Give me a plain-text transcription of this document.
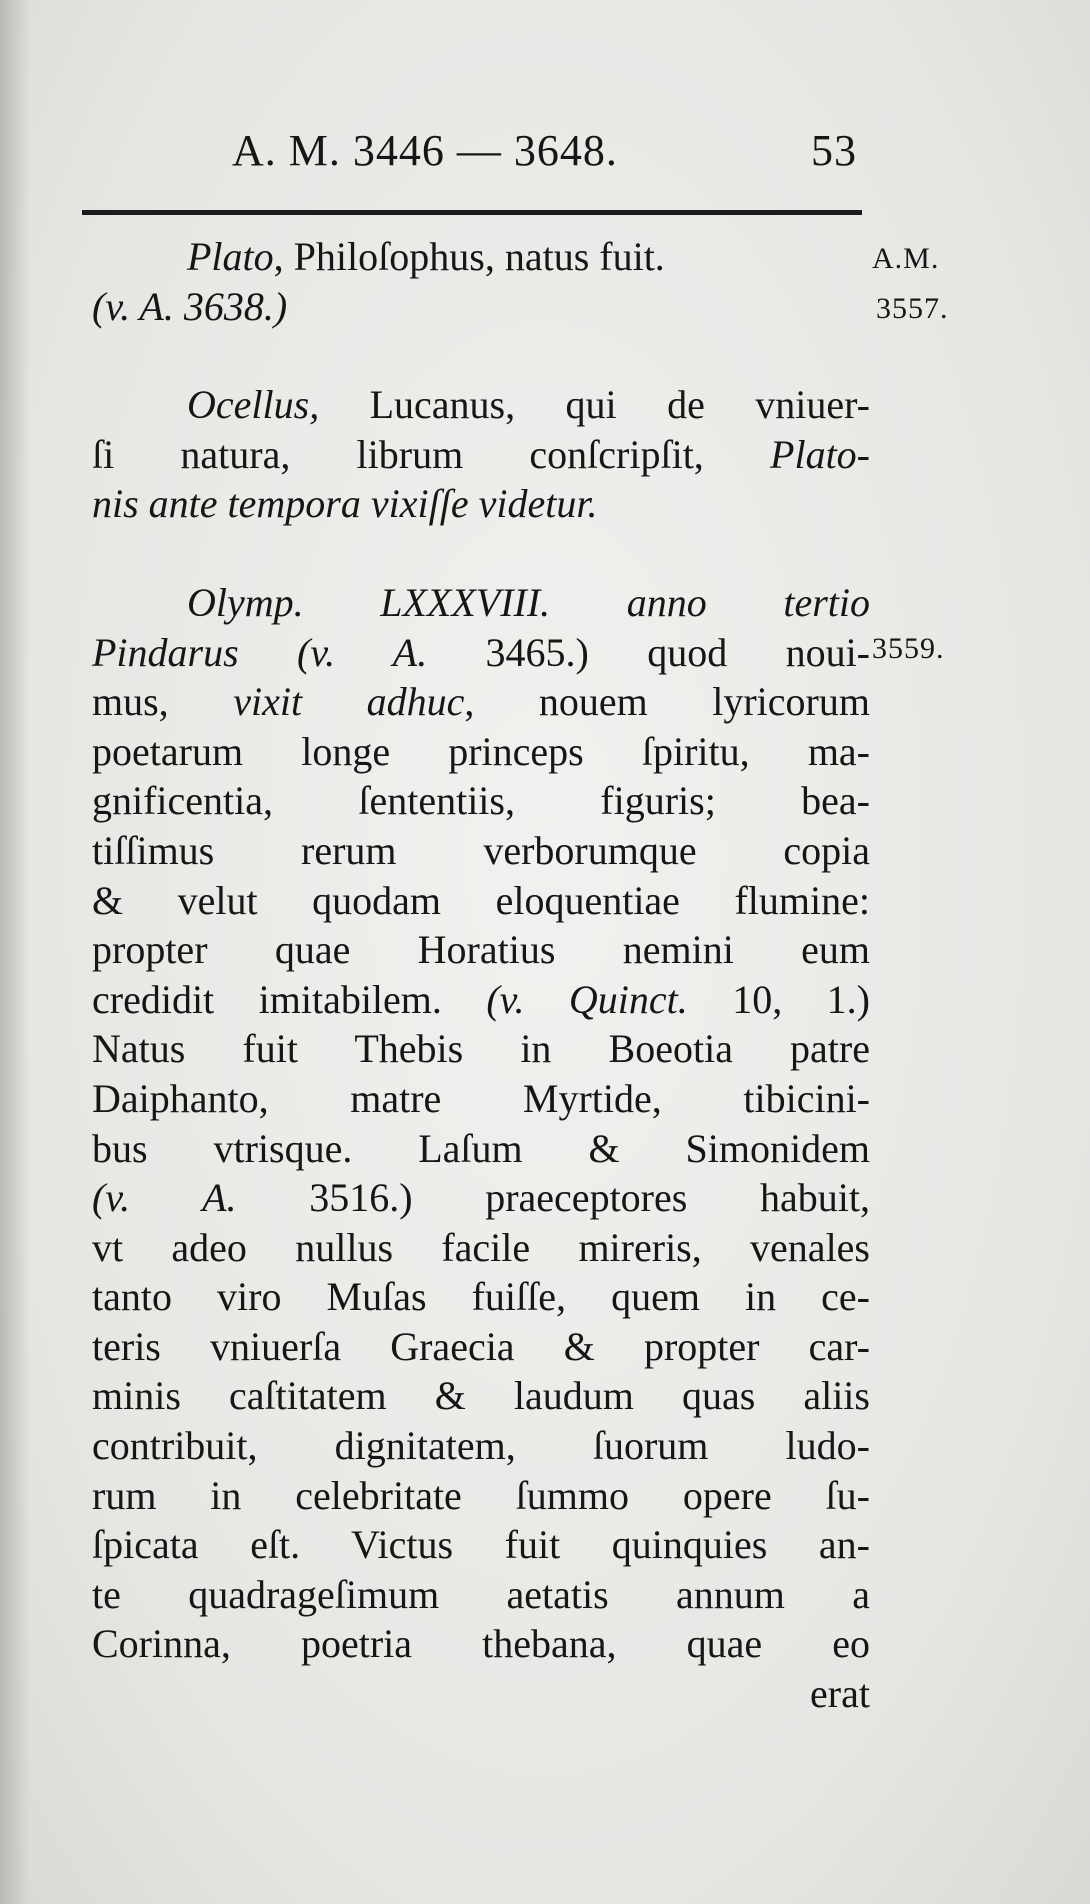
A. M. 3446 — 3648.	53
A.M.
3557.
3559.
Plato, Philoſophus, natus fuit.
(v. A. 3638.)
Ocellus, Lucanus, qui de vniuer-
ſi natura, librum conſcripſit, Plato-
nis ante tempora vixiſſe videtur.
Olymp. LXXXVIII. anno tertio
Pindarus (v. A. 3465.) quod noui-
mus, vixit adhuc, nouem lyricorum
poetarum longe princeps ſpiritu, ma-
gnificentia, ſententiis, figuris; bea-
tiſſimus rerum verborumque copia
& velut quodam eloquentiae flumine:
propter quae Horatius nemini eum
credidit imitabilem. (v. Quinct. 10, 1.)
Natus fuit Thebis in Boeotia patre
Daiphanto, matre Myrtide, tibicini-
bus vtrisque. Laſum & Simonidem
(v. A. 3516.) praeceptores habuit,
vt adeo nullus facile mireris, venales
tanto viro Muſas fuiſſe, quem in ce-
teris vniuerſa Graecia & propter car-
minis caſtitatem & laudum quas aliis
contribuit, dignitatem, ſuorum ludo-
rum in celebritate ſummo opere ſu-
ſpicata eſt. Victus fuit quinquies an-
te quadrageſimum aetatis annum a
Corinna, poetria thebana, quae eo
erat
